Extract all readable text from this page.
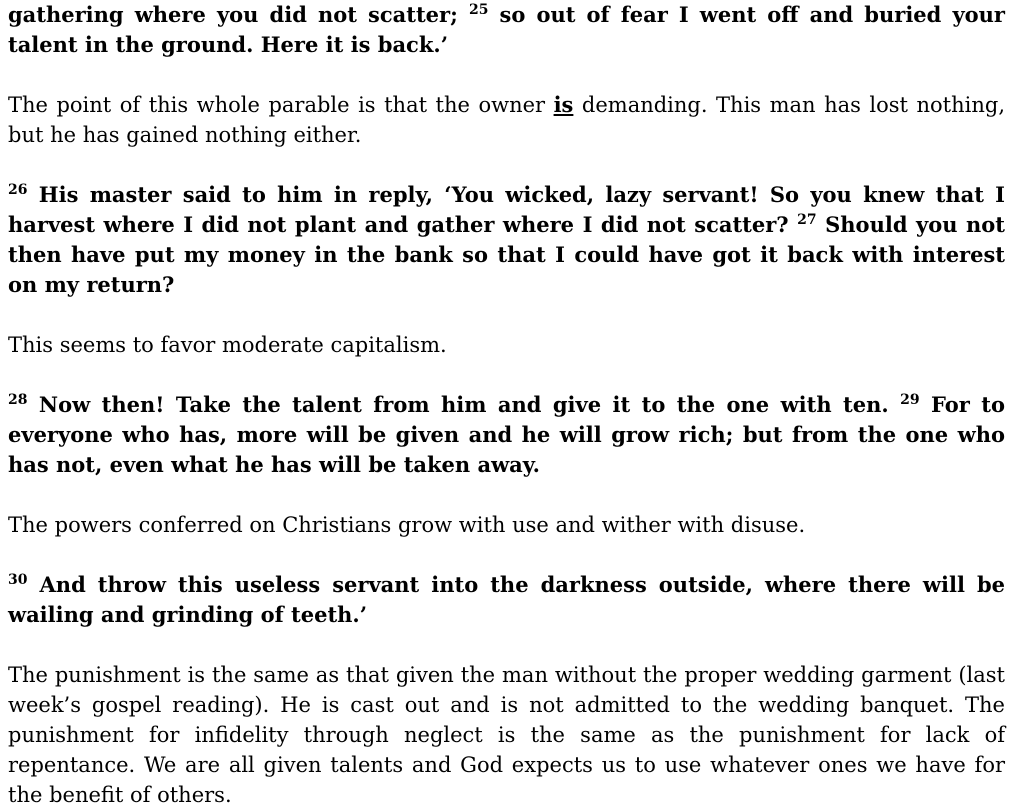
gathering where you did not scatter; $^{25}$ so out of fear I went off and buried your talent in the ground. Here it is back.’

The point of this whole parable is that the owner is demanding. This man has lost nothing, but he has gained nothing either.

$^{26}$ His master said to him in reply, ‘You wicked, lazy servant! So you knew that I harvest where I did not plant and gather where I did not scatter? $^{27}$ Should you not then have put my money in the bank so that I could have got it back with interest on my return?

This seems to favor moderate capitalism.

$^{28}$ Now then! Take the talent from him and give it to the one with ten. $^{29}$ For to everyone who has, more will be given and he will grow rich; but from the one who has not, even what he has will be taken away.

The powers conferred on Christians grow with use and wither with disuse.

$^{30}$ And throw this useless servant into the darkness outside, where there will be wailing and grinding of teeth.’

The punishment is the same as that given the man without the proper wedding garment (last week’s gospel reading). He is cast out and is not admitted to the wedding banquet. The punishment for infidelity through neglect is the same as the punishment for lack of repentance. We are all given talents and God expects us to use whatever ones we have for the benefit of others.
